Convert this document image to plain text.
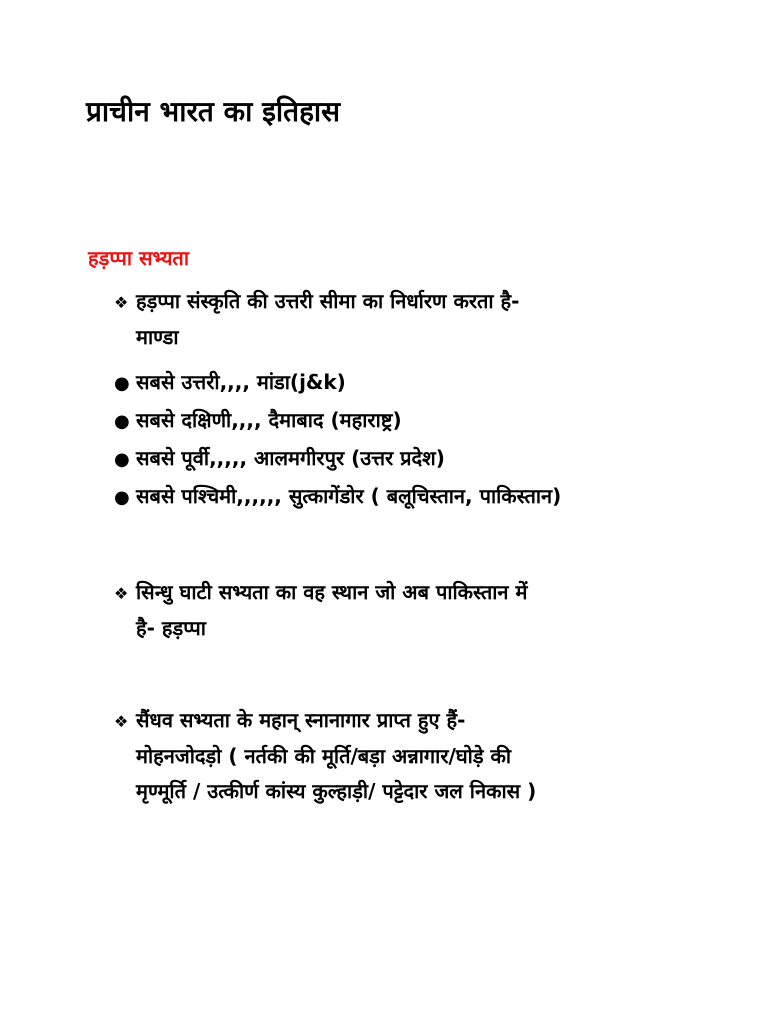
प्राचीन भारत का इतिहास
हड़प्पा सभ्यता
❖ हड़प्पा संस्कृति की उत्तरी सीमा का निर्धारण करता है-
माण्डा
● सबसे उत्तरी,,,, मांडा(j&k)
● सबसे दक्षिणी,,,, दैमाबाद (महाराष्ट्र)
● सबसे पूर्वी,,,,, आलमगीरपुर (उत्तर प्रदेश)
● सबसे पश्चिमी,,,,,, सुत्कागेंडोर ( बलूचिस्तान, पाकिस्तान)
❖ सिन्धु घाटी सभ्यता का वह स्थान जो अब पाकिस्तान में
है- हड़प्पा
❖ सैंधव सभ्यता के महान् स्नानागार प्राप्त हुए हैं-
मोहनजोदड़ो ( नर्तकी की मूर्ति/बड़ा अन्नागार/घोड़े की
मृण्मूर्ति / उत्कीर्ण कांस्य कुल्हाड़ी/ पट्टेदार जल निकास )
